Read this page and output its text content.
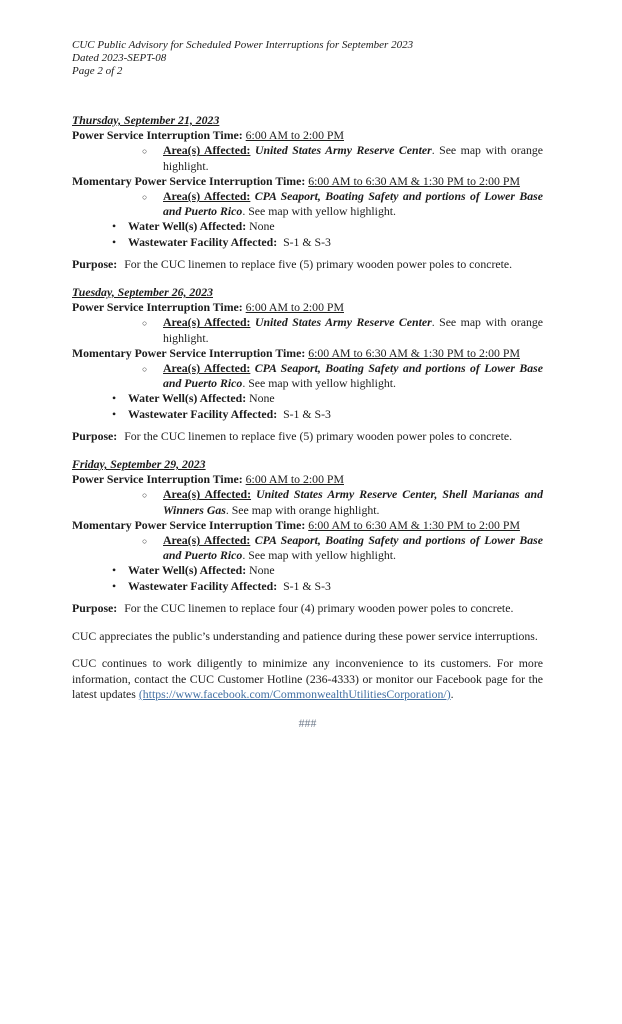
CUC Public Advisory for Scheduled Power Interruptions for September 2023
Dated 2023-SEPT-08
Page 2 of 2
Thursday, September 21, 2023

Power Service Interruption Time: 6:00 AM to 2:00 PM

○ Area(s) Affected: United States Army Reserve Center. See map with orange highlight.

Momentary Power Service Interruption Time: 6:00 AM to 6:30 AM & 1:30 PM to 2:00 PM

○ Area(s) Affected: CPA Seaport, Boating Safety and portions of Lower Base and Puerto Rico. See map with yellow highlight.
• Water Well(s) Affected: None
• Wastewater Facility Affected: S-1 & S-3

Purpose: For the CUC linemen to replace five (5) primary wooden power poles to concrete.

Tuesday, September 26, 2023

Power Service Interruption Time: 6:00 AM to 2:00 PM

○ Area(s) Affected: United States Army Reserve Center. See map with orange highlight.

Momentary Power Service Interruption Time: 6:00 AM to 6:30 AM & 1:30 PM to 2:00 PM

○ Area(s) Affected: CPA Seaport, Boating Safety and portions of Lower Base and Puerto Rico. See map with yellow highlight.
• Water Well(s) Affected: None
• Wastewater Facility Affected: S-1 & S-3

Purpose: For the CUC linemen to replace five (5) primary wooden power poles to concrete.

Friday, September 29, 2023

Power Service Interruption Time: 6:00 AM to 2:00 PM

○ Area(s) Affected: United States Army Reserve Center, Shell Marianas and Winners Gas. See map with orange highlight.

Momentary Power Service Interruption Time: 6:00 AM to 6:30 AM & 1:30 PM to 2:00 PM

○ Area(s) Affected: CPA Seaport, Boating Safety and portions of Lower Base and Puerto Rico. See map with yellow highlight.
• Water Well(s) Affected: None
• Wastewater Facility Affected: S-1 & S-3

Purpose: For the CUC linemen to replace four (4) primary wooden power poles to concrete.

CUC appreciates the public’s understanding and patience during these power service interruptions.

CUC continues to work diligently to minimize any inconvenience to its customers. For more information, contact the CUC Customer Hotline (236-4333) or monitor our Facebook page for the latest updates (https://www.facebook.com/CommonwealthUtilitiesCorporation/).

###
